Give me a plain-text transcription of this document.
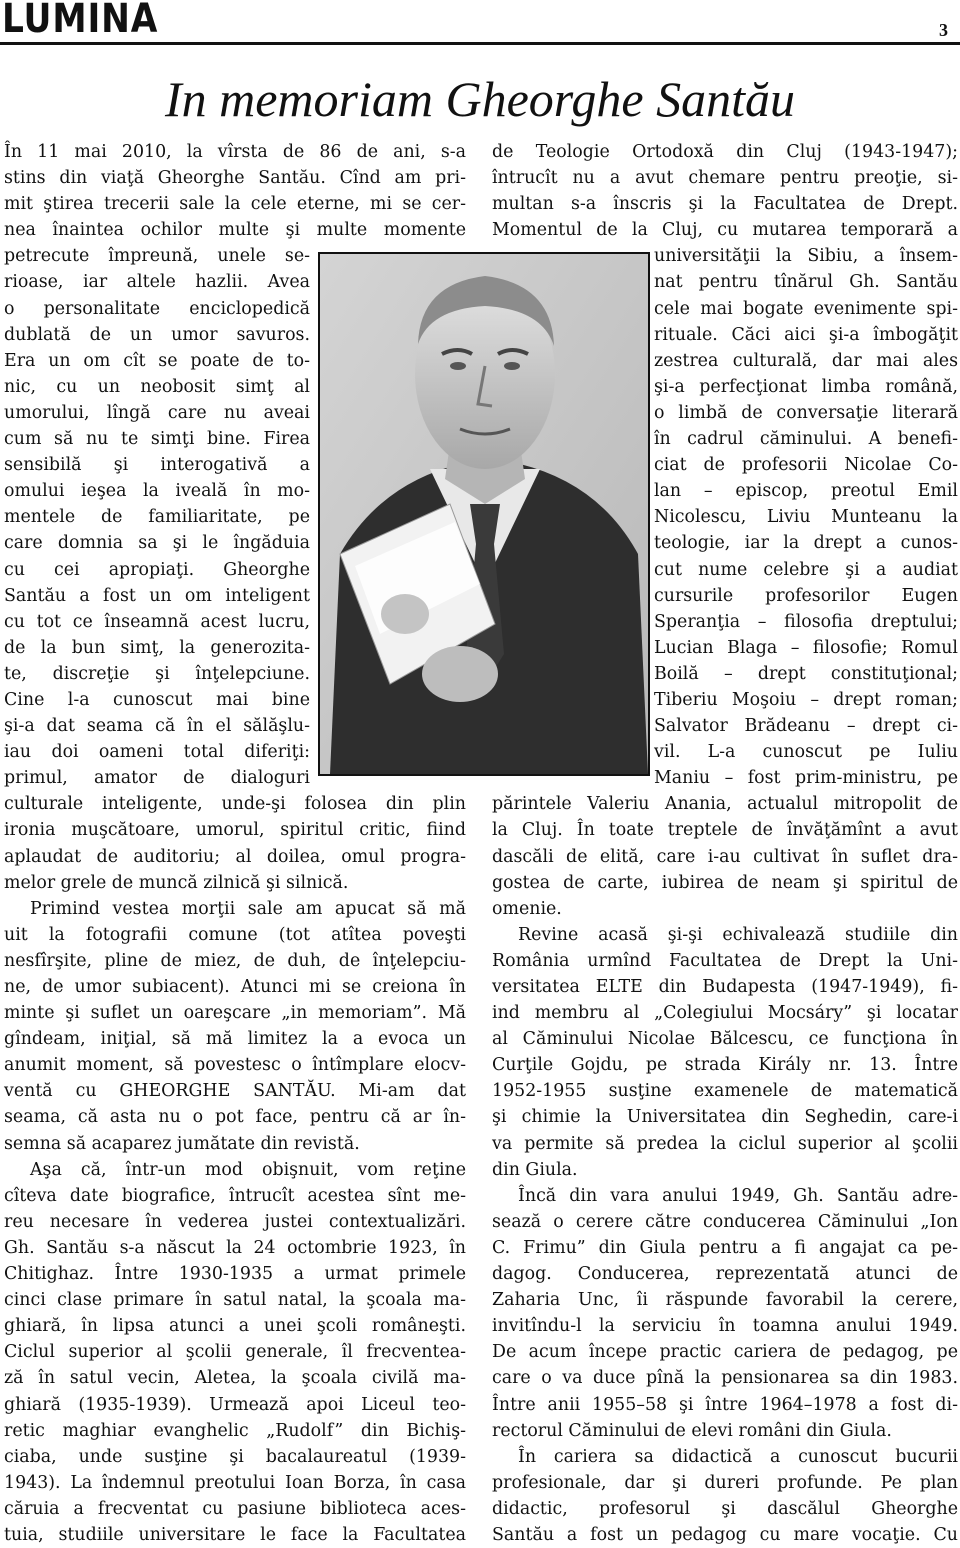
LUMINA	3
In memoriam Gheorghe Santău
În 11 mai 2010, la vîrsta de 86 de ani, s-a
stins din viaţă Gheorghe Santău. Cînd am pri-
mit ştirea trecerii sale la cele eterne, mi se cer-
nea înaintea ochilor multe şi multe momente
petrecute împreună, unele se-
rioase, iar altele hazlii. Avea
o personalitate enciclopedică
dublată de un umor savuros.
Era un om cît se poate de to-
nic, cu un neobosit simţ al
umorului, lîngă care nu aveai
cum să nu te simţi bine. Firea
sensibilă şi interogativă a
omului ieşea la iveală în mo-
mentele de familiaritate, pe
care domnia sa şi le îngăduia
cu cei apropiaţi. Gheorghe
Santău a fost un om inteligent
cu tot ce înseamnă acest lucru,
de la bun simţ, la generozita-
te, discreţie şi înţelepciune.
Cine l-a cunoscut mai bine
şi-a dat seama că în el sălăşlu-
iau doi oameni total diferiţi:
primul, amator de dialoguri
culturale inteligente, unde-şi folosea din plin
ironia muşcătoare, umorul, spiritul critic, fiind
aplaudat de auditoriu; al doilea, omul progra-
melor grele de muncă zilnică şi silnică.
Primind vestea morţii sale am apucat să mă
uit la fotografii comune (tot atîtea poveşti
nesfîrşite, pline de miez, de duh, de înţelepciu-
ne, de umor subiacent). Atunci mi se creiona în
minte şi suflet un oareşcare „in memoriam”. Mă
gîndeam, iniţial, să mă limitez la a evoca un
anumit moment, să povestesc o întîmplare elocv-
ventă cu GHEORGHE SANTĂU. Mi-am dat
seama, că asta nu o pot face, pentru că ar în-
semna să acaparez jumătate din revistă.
Aşa că, într-un mod obişnuit, vom reţine
cîteva date biografice, întrucît acestea sînt me-
reu necesare în vederea justei contextualizări.
Gh. Santău s-a născut la 24 octombrie 1923, în
Chitighaz. Între 1930-1935 a urmat primele
cinci clase primare în satul natal, la şcoala ma-
ghiară, în lipsa atunci a unei şcoli româneşti.
Ciclul superior al şcolii generale, îl frecventea-
ză în satul vecin, Aletea, la şcoala civilă ma-
ghiară (1935-1939). Urmează apoi Liceul teo-
retic maghiar evanghelic „Rudolf” din Bichiş-
ciaba, unde susţine şi bacalaureatul (1939-
1943). La îndemnul preotului Ioan Borza, în casa
căruia a frecventat cu pasiune biblioteca aces-
tuia, studiile universitare le face la Facultatea
de Teologie Ortodoxă din Cluj (1943-1947);
întrucît nu a avut chemare pentru preoţie, si-
multan s-a înscris şi la Facultatea de Drept.
Momentul de la Cluj, cu mutarea temporară a
universităţii la Sibiu, a însem-
nat pentru tînărul Gh. Santău
cele mai bogate evenimente spi-
rituale. Căci aici şi-a îmbogăţit
zestrea culturală, dar mai ales
şi-a perfecţionat limba română,
o limbă de conversaţie literară
în cadrul căminului. A benefi-
ciat de profesorii Nicolae Co-
lan – episcop, preotul Emil
Nicolescu, Liviu Munteanu la
teologie, iar la drept a cunos-
cut nume celebre şi a audiat
cursurile profesorilor Eugen
Speranţia – filosofia dreptului;
Lucian Blaga – filosofie; Romul
Boilă – drept constituţional;
Tiberiu Moşoiu – drept roman;
Salvator Brădeanu – drept ci-
vil. L-a cunoscut pe Iuliu
Maniu – fost prim-ministru, pe
părintele Valeriu Anania, actualul mitropolit de
la Cluj. În toate treptele de învăţămînt a avut
dascăli de elită, care i-au cultivat în suflet dra-
gostea de carte, iubirea de neam şi spiritul de
omenie.
Revine acasă şi-şi echivalează studiile din
România urmînd Facultatea de Drept la Uni-
versitatea ELTE din Budapesta (1947-1949), fi-
ind membru al „Colegiului Mocsáry” şi locatar
al Căminului Nicolae Bălcescu, ce funcţiona în
Curţile Gojdu, pe strada Király nr. 13. Între
1952-1955 susţine examenele de matematică
şi chimie la Universitatea din Seghedin, care-i
va permite să predea la ciclul superior al şcolii
din Giula.
Încă din vara anului 1949, Gh. Santău adre-
sează o cerere către conducerea Căminului „Ion
C. Frimu” din Giula pentru a fi angajat ca pe-
dagog. Conducerea, reprezentată atunci de
Zaharia Unc, îi răspunde favorabil la cerere,
invitîndu-l la serviciu în toamna anului 1949.
De acum începe practic cariera de pedagog, pe
care o va duce pînă la pensionarea sa din 1983.
Între anii 1955–58 şi între 1964–1978 a fost di-
rectorul Căminului de elevi români din Giula.
În cariera sa didactică a cunoscut bucurii
profesionale, dar şi dureri profunde. Pe plan
didactic, profesorul şi dascălul Gheorghe
Santău a fost un pedagog cu mare vocaţie. Cu
